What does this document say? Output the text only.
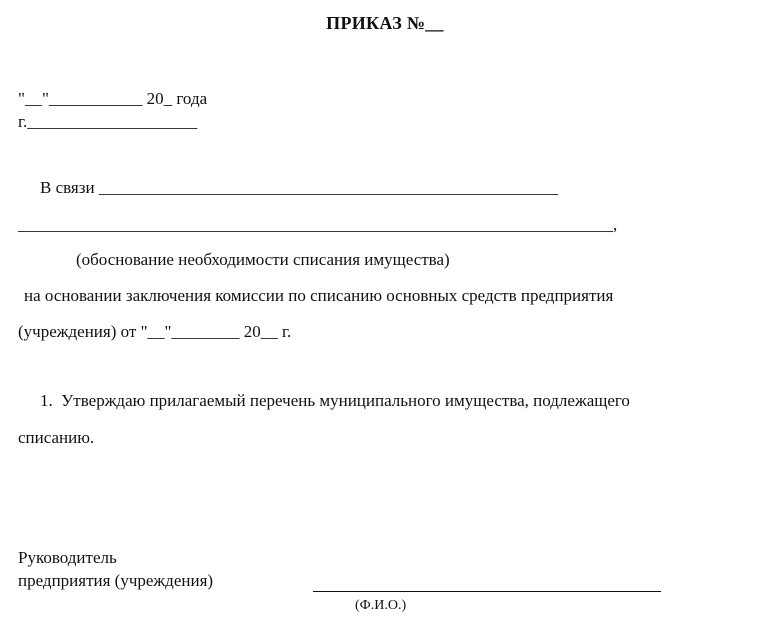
ПРИКАЗ №__
"__"___________ 20_ года
г.____________________
В связи ______________________________________________________
______________________________________________________________________,
(обоснование необходимости списания имущества)
на основании заключения комиссии по списанию основных средств предприятия
(учреждения) от "__"________ 20__ г.
1.  Утверждаю прилагаемый перечень муниципального имущества, подлежащего
списанию.
Руководитель
предприятия (учреждения)
(Ф.И.О.)
